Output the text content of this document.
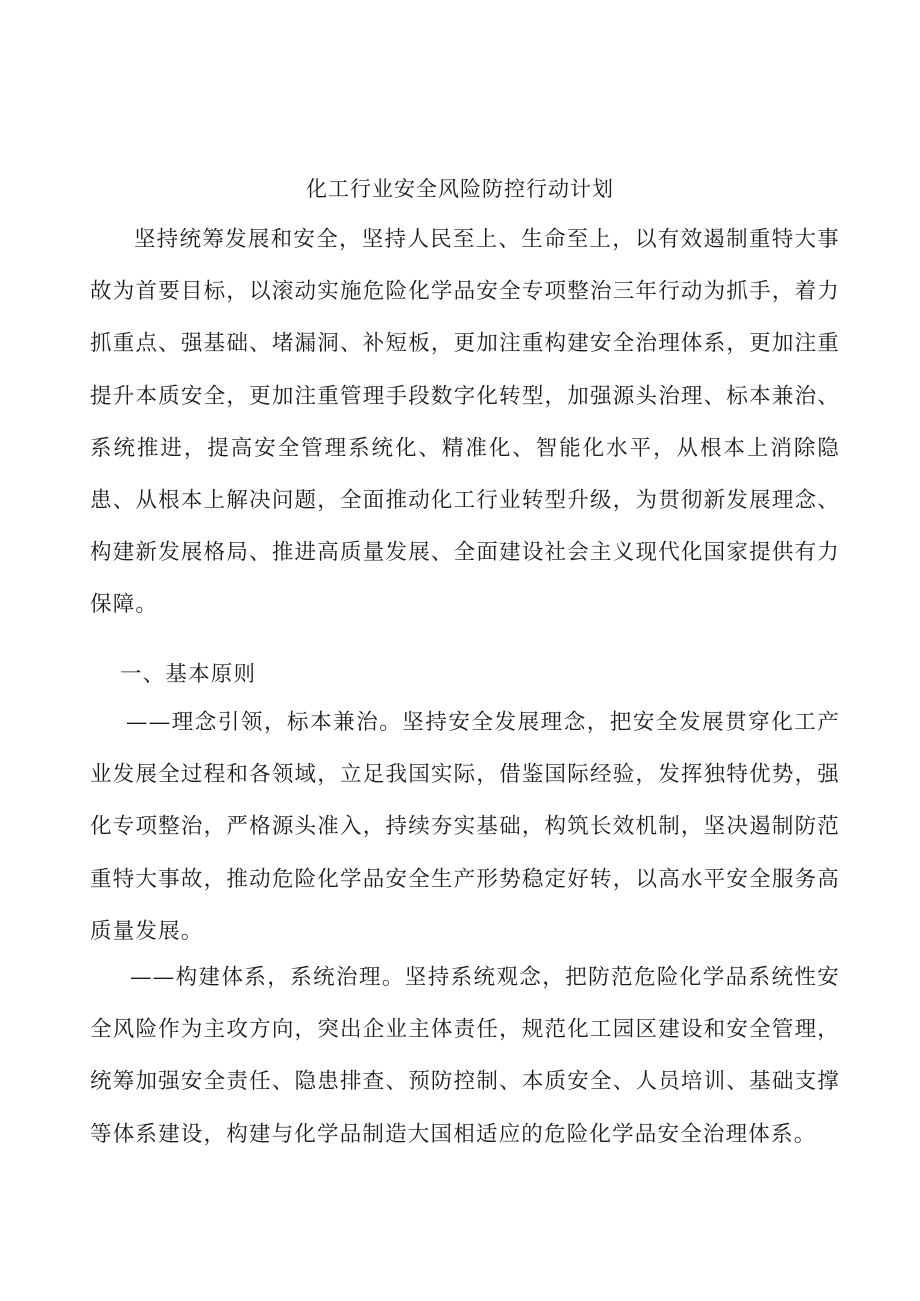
化工行业安全风险防控行动计划

坚持统筹发展和安全，坚持人民至上、生命至上，以有效遏制重特大事故为首要目标，以滚动实施危险化学品安全专项整治三年行动为抓手，着力抓重点、强基础、堵漏洞、补短板，更加注重构建安全治理体系，更加注重提升本质安全，更加注重管理手段数字化转型，加强源头治理、标本兼治、系统推进，提高安全管理系统化、精准化、智能化水平，从根本上消除隐患、从根本上解决问题，全面推动化工行业转型升级，为贯彻新发展理念、构建新发展格局、推进高质量发展、全面建设社会主义现代化国家提供有力保障。

一、基本原则

——理念引领，标本兼治。坚持安全发展理念，把安全发展贯穿化工产业发展全过程和各领域，立足我国实际，借鉴国际经验，发挥独特优势，强化专项整治，严格源头准入，持续夯实基础，构筑长效机制，坚决遏制防范重特大事故，推动危险化学品安全生产形势稳定好转，以高水平安全服务高质量发展。

——构建体系，系统治理。坚持系统观念，把防范危险化学品系统性安全风险作为主攻方向，突出企业主体责任，规范化工园区建设和安全管理，统筹加强安全责任、隐患排查、预防控制、本质安全、人员培训、基础支撑等体系建设，构建与化学品制造大国相适应的危险化学品安全治理体系。
